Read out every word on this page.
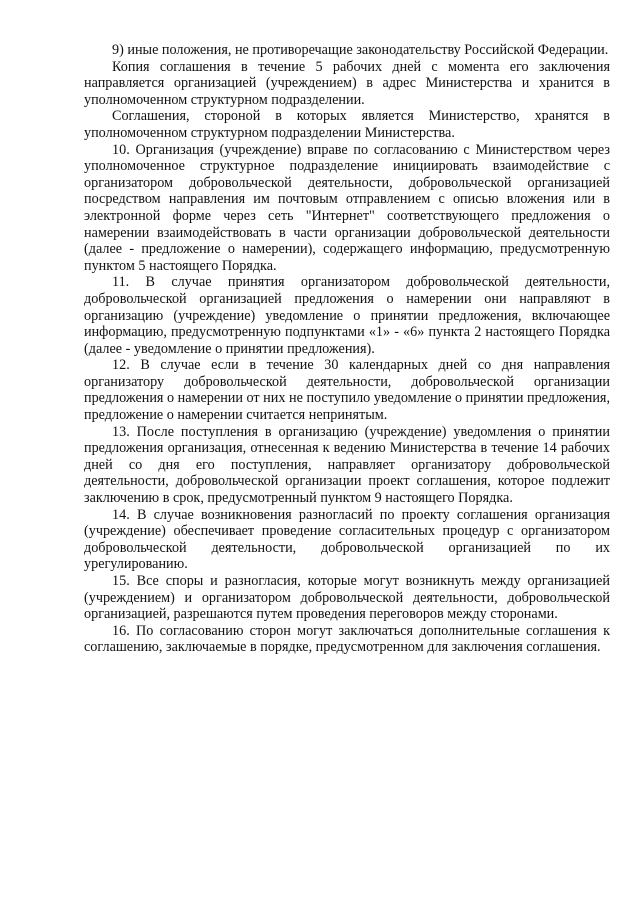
9) иные положения, не противоречащие законодательству Российской Федерации.

Копия соглашения в течение 5 рабочих дней с момента его заключения направляется организацией (учреждением) в адрес Министерства и хранится в уполномоченном структурном подразделении.

Соглашения, стороной в которых является Министерство, хранятся в уполномоченном структурном подразделении Министерства.

10. Организация (учреждение) вправе по согласованию с Министерством через уполномоченное структурное подразделение инициировать взаимодействие с организатором добровольческой деятельности, добровольческой организацией посредством направления им почтовым отправлением с описью вложения или в электронной форме через сеть "Интернет" соответствующего предложения о намерении взаимодействовать в части организации добровольческой деятельности (далее - предложение о намерении), содержащего информацию, предусмотренную пунктом 5 настоящего Порядка.

11. В случае принятия организатором добровольческой деятельности, добровольческой организацией предложения о намерении они направляют в организацию (учреждение) уведомление о принятии предложения, включающее информацию, предусмотренную подпунктами «1» - «6» пункта 2 настоящего Порядка (далее - уведомление о принятии предложения).

12. В случае если в течение 30 календарных дней со дня направления организатору добровольческой деятельности, добровольческой организации предложения о намерении от них не поступило уведомление о принятии предложения, предложение о намерении считается непринятым.

13. После поступления в организацию (учреждение) уведомления о принятии предложения организация, отнесенная к ведению Министерства в течение 14 рабочих дней со дня его поступления, направляет организатору добровольческой деятельности, добровольческой организации проект соглашения, которое подлежит заключению в срок, предусмотренный пунктом 9 настоящего Порядка.

14. В случае возникновения разногласий по проекту соглашения организация (учреждение) обеспечивает проведение согласительных процедур с организатором добровольческой деятельности, добровольческой организацией по их урегулированию.

15. Все споры и разногласия, которые могут возникнуть между организацией (учреждением) и организатором добровольческой деятельности, добровольческой организацией, разрешаются путем проведения переговоров между сторонами.

16. По согласованию сторон могут заключаться дополнительные соглашения к соглашению, заключаемые в порядке, предусмотренном для заключения соглашения.
